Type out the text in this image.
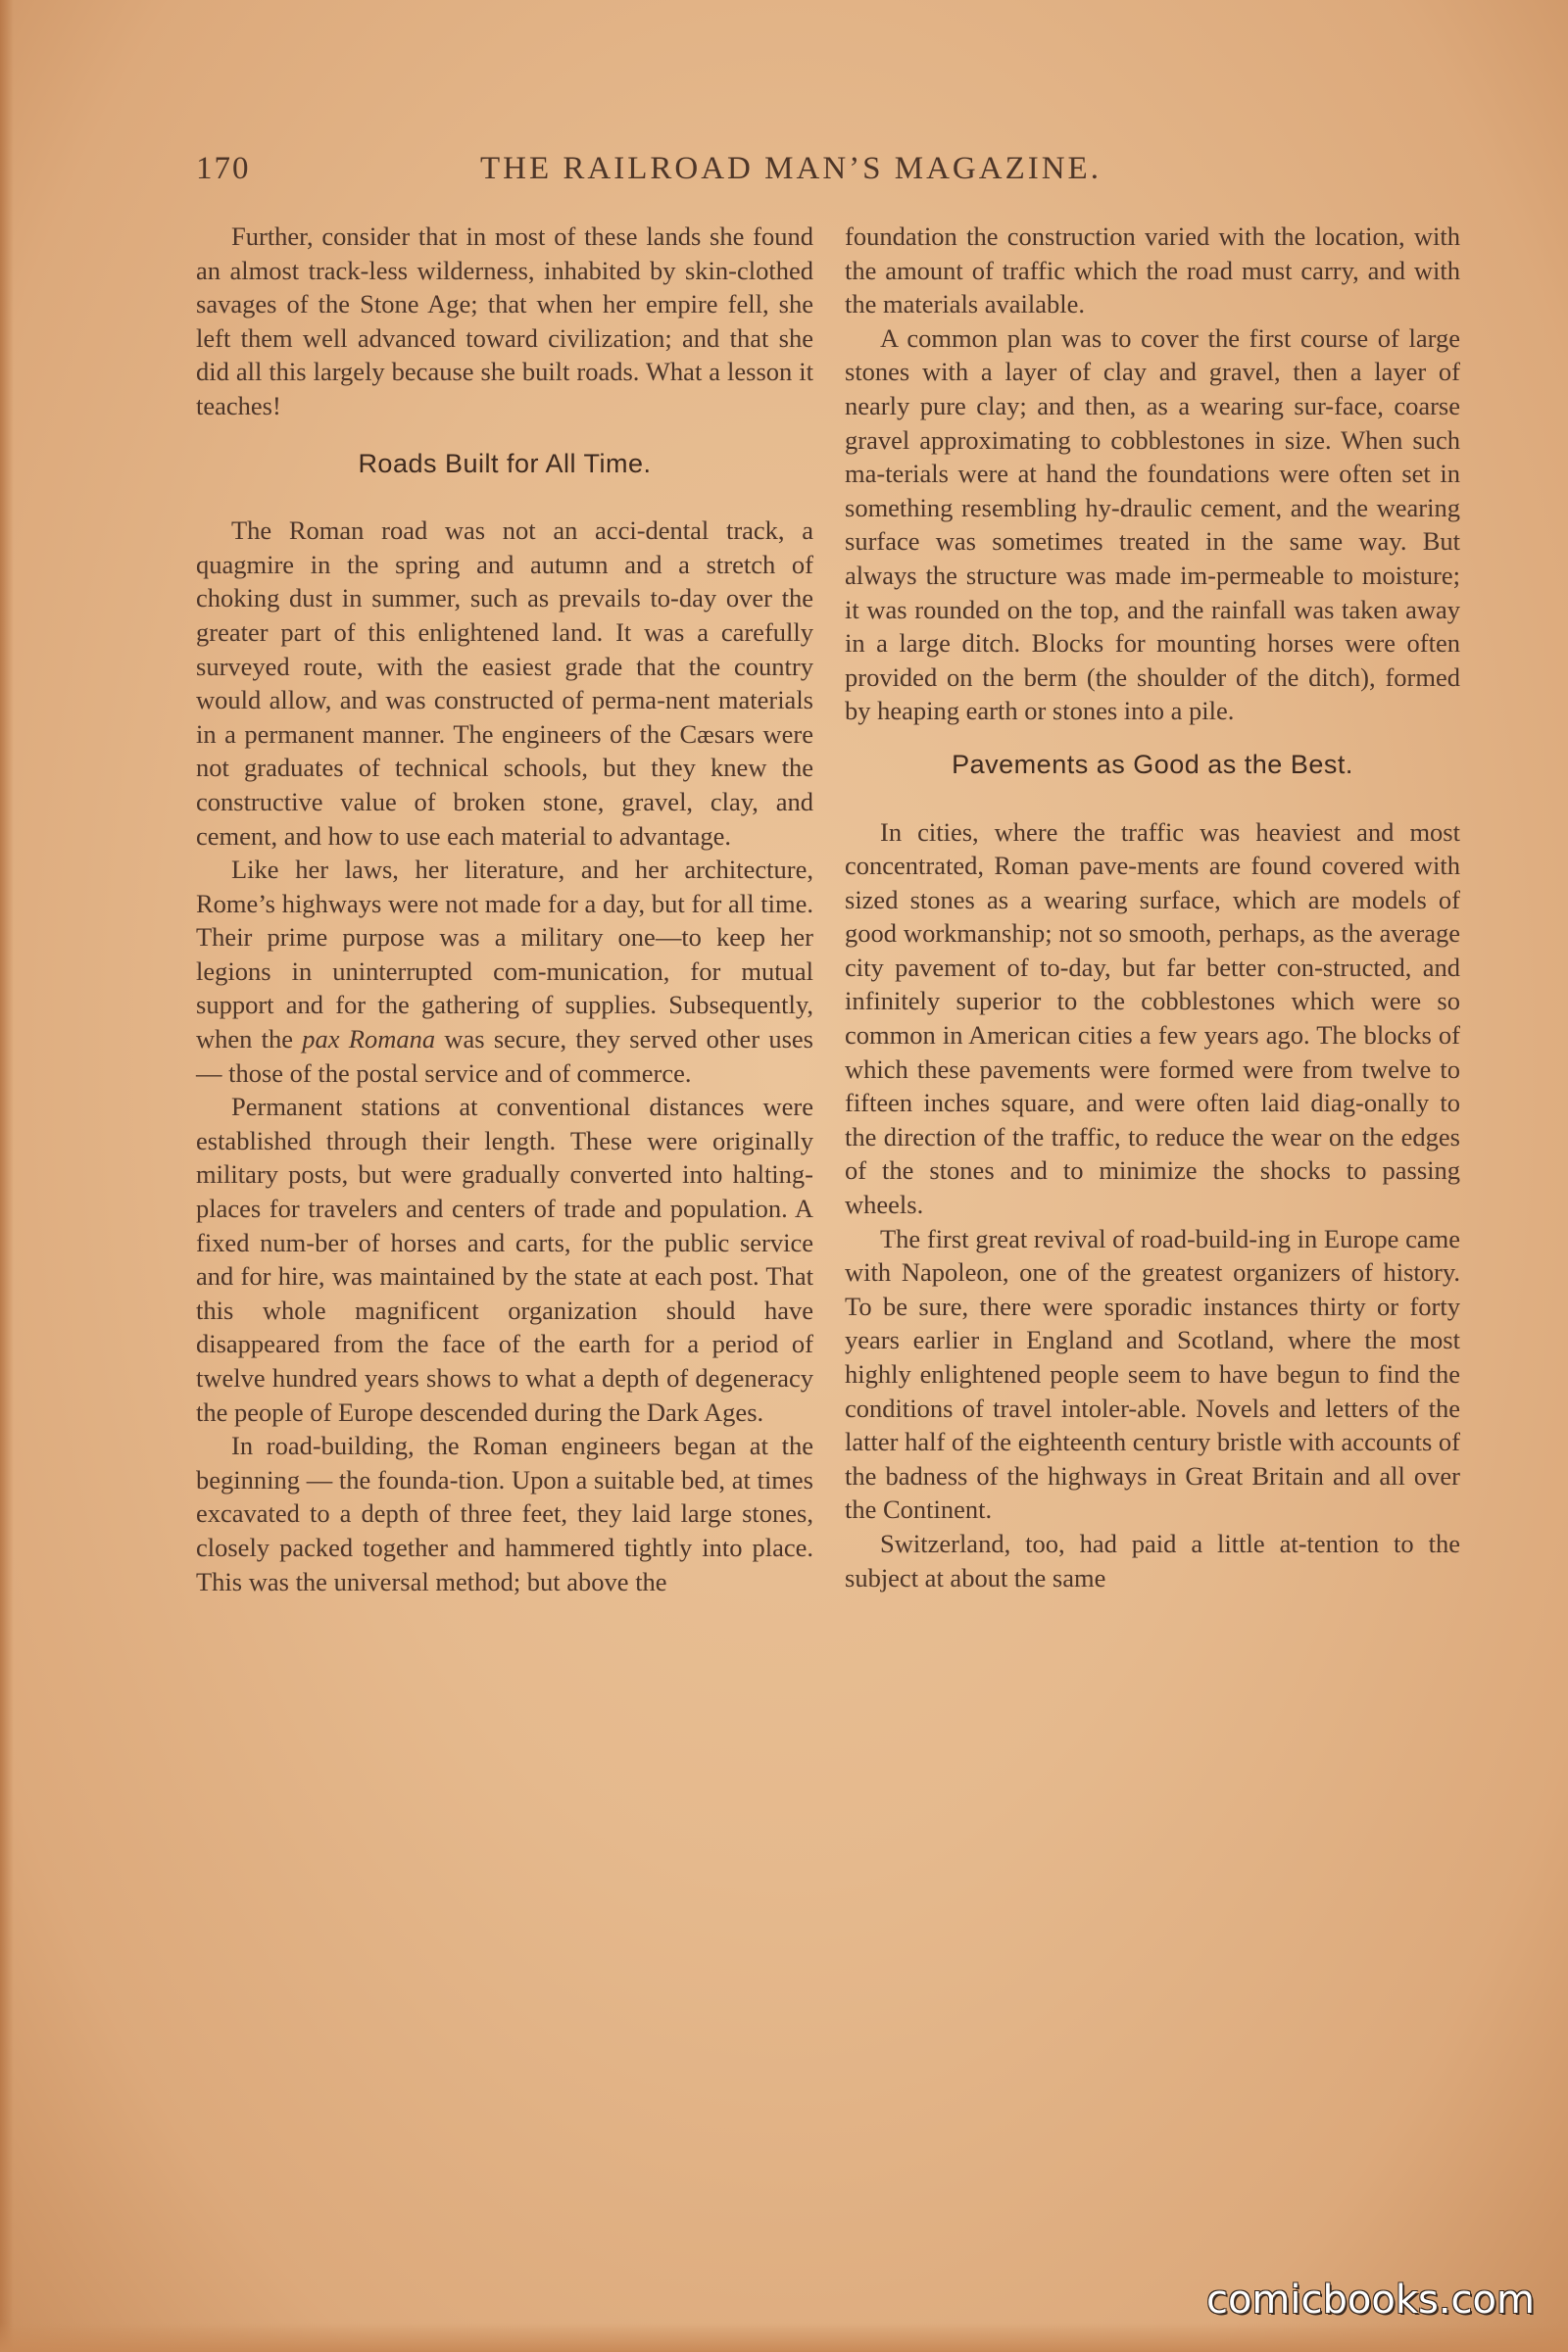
170	THE RAILROAD MAN’S MAGAZINE.

Further, consider that in most of these lands she found an almost track-less wilderness, inhabited by skin-clothed savages of the Stone Age; that when her empire fell, she left them well advanced toward civilization; and that she did all this largely because she built roads. What a lesson it teaches!

Roads Built for All Time.

The Roman road was not an acci-dental track, a quagmire in the spring and autumn and a stretch of choking dust in summer, such as prevails to-day over the greater part of this enlightened land. It was a carefully surveyed route, with the easiest grade that the country would allow, and was constructed of perma-nent materials in a permanent manner. The engineers of the Cæsars were not graduates of technical schools, but they knew the constructive value of broken stone, gravel, clay, and cement, and how to use each material to advantage.

Like her laws, her literature, and her architecture, Rome’s highways were not made for a day, but for all time. Their prime purpose was a military one—to keep her legions in uninterrupted com-munication, for mutual support and for the gathering of supplies. Subsequently, when the pax Romana was secure, they served other uses — those of the postal service and of commerce.

Permanent stations at conventional distances were established through their length. These were originally military posts, but were gradually converted into halting-places for travelers and centers of trade and population. A fixed num-ber of horses and carts, for the public service and for hire, was maintained by the state at each post. That this whole magnificent organization should have disappeared from the face of the earth for a period of twelve hundred years shows to what a depth of degeneracy the people of Europe descended during the Dark Ages.

In road-building, the Roman engineers began at the beginning — the founda-tion. Upon a suitable bed, at times excavated to a depth of three feet, they laid large stones, closely packed together and hammered tightly into place. This was the universal method; but above the

foundation the construction varied with the location, with the amount of traffic which the road must carry, and with the materials available.

A common plan was to cover the first course of large stones with a layer of clay and gravel, then a layer of nearly pure clay; and then, as a wearing sur-face, coarse gravel approximating to cobblestones in size. When such ma-terials were at hand the foundations were often set in something resembling hy-draulic cement, and the wearing surface was sometimes treated in the same way. But always the structure was made im-permeable to moisture; it was rounded on the top, and the rainfall was taken away in a large ditch. Blocks for mounting horses were often provided on the berm (the shoulder of the ditch), formed by heaping earth or stones into a pile.

Pavements as Good as the Best.

In cities, where the traffic was heaviest and most concentrated, Roman pave-ments are found covered with sized stones as a wearing surface, which are models of good workmanship; not so smooth, perhaps, as the average city pavement of to-day, but far better con-structed, and infinitely superior to the cobblestones which were so common in American cities a few years ago. The blocks of which these pavements were formed were from twelve to fifteen inches square, and were often laid diag-onally to the direction of the traffic, to reduce the wear on the edges of the stones and to minimize the shocks to passing wheels.

The first great revival of road-build-ing in Europe came with Napoleon, one of the greatest organizers of history. To be sure, there were sporadic instances thirty or forty years earlier in England and Scotland, where the most highly enlightened people seem to have begun to find the conditions of travel intoler-able. Novels and letters of the latter half of the eighteenth century bristle with accounts of the badness of the highways in Great Britain and all over the Continent.

Switzerland, too, had paid a little at-tention to the subject at about the same

comicbooks.com
